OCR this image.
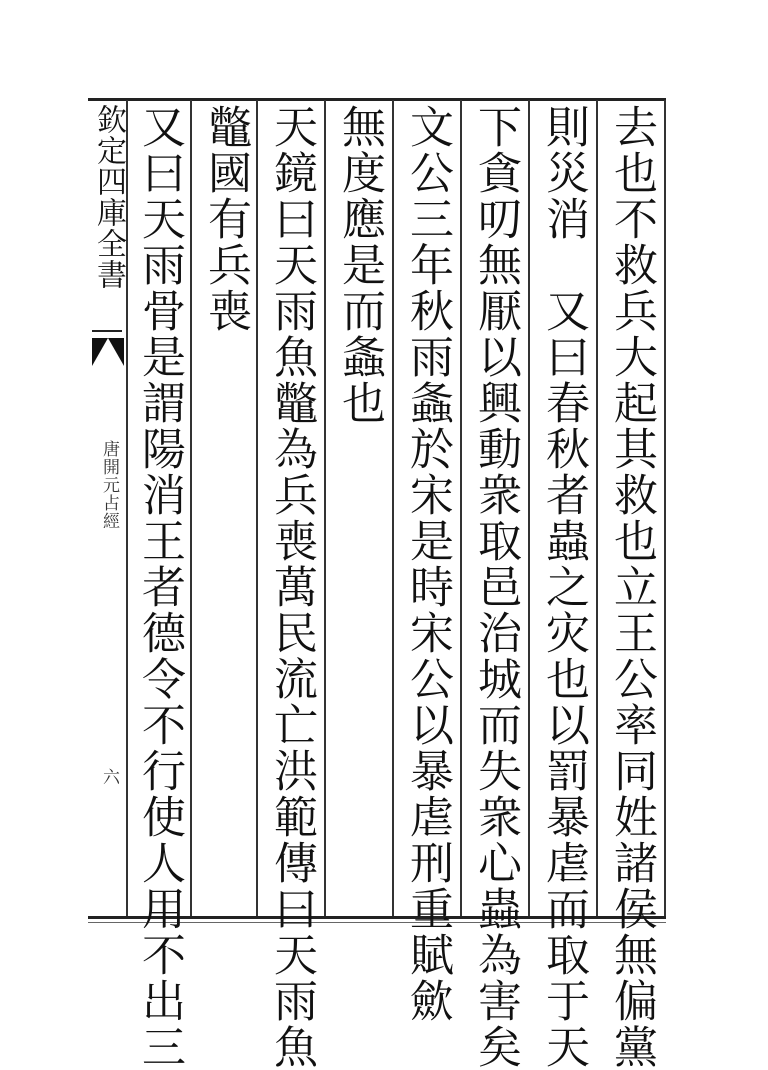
欽定四庫全書
唐開元占經
六	去也不救兵大起其救也立王公率同姓諸侯無偏黨
則災消　又曰春秋者蟲之灾也以罰暴虐而取于天
下貪叨無厭以興動衆取邑治城而失衆心蟲為害矣
文公三年秋雨螽於宋是時宋公以暴虐刑重賦歛
無度應是而螽也
天鏡曰天雨魚鼈為兵喪萬民流亡洪範傳曰天雨魚
鼈國有兵喪
又曰天雨骨是謂陽消王者德令不行使人用不出三
